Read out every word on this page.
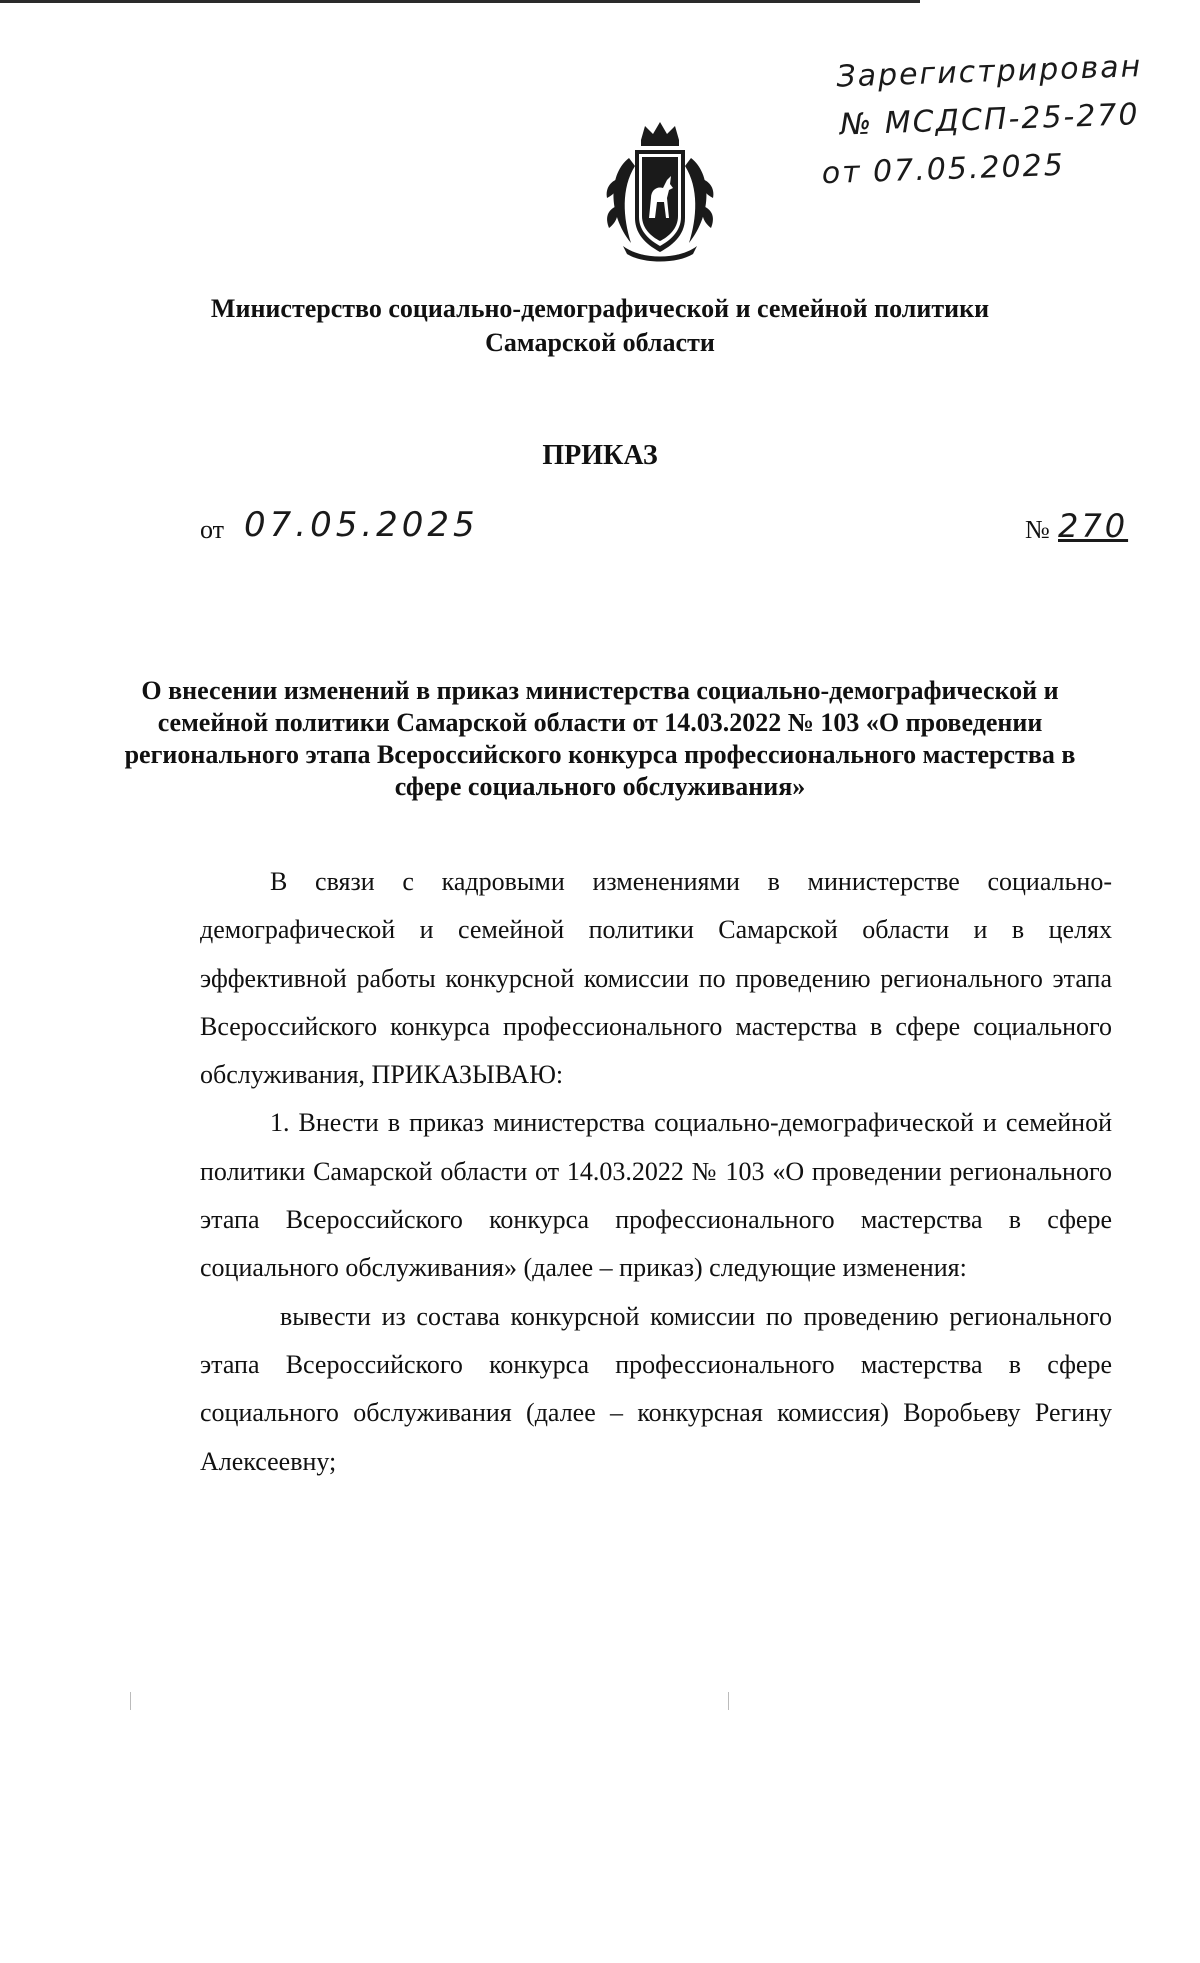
Зарегистрирован
№ МСДСП-25-270
от 07.05.2025
Министерство социально-демографической и семейной политики
Самарской области
ПРИКАЗ
от 07.05.2025	№ 270
О внесении изменений в приказ министерства социально-демографической и семейной политики Самарской области от 14.03.2022 № 103 «О проведении регионального этапа Всероссийского конкурса профессионального мастерства в сфере социального обслуживания»

В связи с кадровыми изменениями в министерстве социально-демографической и семейной политики Самарской области и в целях эффективной работы конкурсной комиссии по проведению регионального этапа Всероссийского конкурса профессионального мастерства в сфере социального обслуживания, ПРИКАЗЫВАЮ:

1. Внести в приказ министерства социально-демографической и семейной политики Самарской области от 14.03.2022 № 103 «О проведении регионального этапа Всероссийского конкурса профессионального мастерства в сфере социального обслуживания» (далее – приказ) следующие изменения:

вывести из состава конкурсной комиссии по проведению регионального этапа Всероссийского конкурса профессионального мастерства в сфере социального обслуживания (далее – конкурсная комиссия) Воробьеву Регину Алексеевну;
